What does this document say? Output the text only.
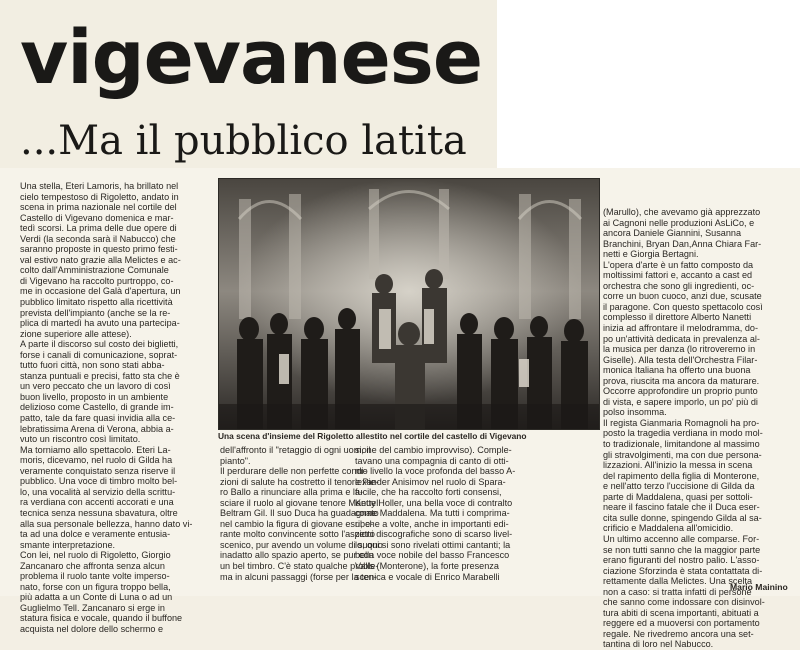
vigevanese
...Ma il pubblico latita
Una stella, Eteri Lamoris, ha brillato nel
cielo tempestoso di Rigoletto, andato in
scena in prima nazionale nel cortile del
Castello di Vigevano domenica e mar-
tedì scorsi. La prima delle due opere di
Verdi (la seconda sarà il Nabucco) che
saranno proposte in questo primo festi-
val estivo nato grazie alla Melictes e ac-
colto dall'Amministrazione Comunale
di Vigevano ha raccolto purtroppo, co-
me in occasione del Galà d'apertura, un
pubblico limitato rispetto alla ricettività
prevista dell'impianto (anche se la re-
plica di martedì ha avuto una partecipa-
zione superiore alle attese).
A parte il discorso sul costo dei biglietti,
forse i canali di comunicazione, soprat-
tutto fuori città, non sono stati abba-
stanza puntuali e precisi, fatto sta che è
un vero peccato che un lavoro di così
buon livello, proposto in un ambiente
delizioso come Castello, di grande im-
patto, tale da fare quasi invidia alla ce-
lebratissima Arena di Verona, abbia a-
vuto un riscontro così limitato.
Ma torniamo allo spettacolo. Eteri La-
moris, dicevamo, nel ruolo di Gilda ha
veramente conquistato senza riserve il
pubblico. Una voce di timbro molto bel-
lo, una vocalità al servizio della scrittu-
ra verdiana con accenti accorati e una
tecnica senza nessuna sbavatura, oltre
alla sua personale bellezza, hanno dato vi-
ta ad una dolce e veramente entusia-
smante interpretazione.
Con lei, nel ruolo di Rigoletto, Giorgio
Zancanaro che affronta senza alcun
problema il ruolo tante volte imperso-
nato, forse con un figura troppo bella,
più adatta a un Conte di Luna o ad un
Guglielmo Tell. Zancanaro si erge in
statura fisica e vocale, quando il buffone
acquista nel dolore dello schermo e
Una scena d'insieme del Rigoletto allestito nel cortile del castello di Vigevano
dell'affronto il "retaggio di ogni
pianto".
Il perdurare delle non perfette
zioni di salute ha costretto il
ro Ballo a rinunciare alla prima
sciare il ruolo al giovane tenore
Beltram Gil. Il suo Duca ha
nel cambio la figura di giovane
rante molto convincente sotto
scenico, pur avendo un volume
inadatto allo spazio aperto, se
un bel timbro. C'è stato qualche
ma in alcuni passaggi (forse
sione del cambio improvviso). Comple-
tavano una compagnia di canto di
mo livello la voce profonda del basso
lexander Anisimov nel ruolo di Spara-
fucile, che ha raccolto forti consensi,
Ketty Holler, una bella voce di contralto
come Maddalena. Ma tutti i comprima-
ri, che a volte, anche in importanti
zioni discografiche sono di scarso
lo, qui si sono rivelati ottimi cantanti;
bella voce nobile del basso Francesco
Valls (Monterone), la forte presenza
scenica e vocale di Enrico Marabelli
(Marullo), che avevamo già apprezzato
ai Cagnoni nelle produzioni AsLiCo, e
ancora Daniele Giannini, Susanna
Branchini, Bryan Dan,Anna Chiara Far-
netti e Giorgia Bertagni.
L'opera d'arte è un fatto composto da
moltissimi fattori e, accanto a cast ed
orchestra che sono gli ingredienti, oc-
corre un buon cuoco, anzi due, scusate
il paragone. Con questo spettacolo così
complesso il direttore Alberto Nanetti
inizia ad affrontare il melodramma, do-
po un'attività dedicata in prevalenza al-
la musica per danza (lo ritroveremo in
Giselle). Alla testa dell'Orchestra Filar-
monica Italiana ha offerto una buona
prova, riuscita ma ancora da maturare.
Occorre approfondire un proprio punto
di vista, e sapere imporlo, un po' più di
polso insomma.
Il regista Gianmaria Romagnoli ha pro-
posto la tragedia verdiana in modo mol-
to tradizionale, limitandone al massimo
gli stravolgimenti, ma con due persona-
lizzazioni. All'inizio la messa in scena
del rapimento della figlia di Monterone,
e nell'atto terzo l'uccisione di Gilda da
parte di Maddalena, quasi per sottoli-
neare il fascino fatale che il Duca eser-
cita sulle donne, spingendo Gilda al sa-
crificio e Maddalena all'omicidio.
Un ultimo accenno alle comparse. For-
se non tutti sanno che la maggior parte
erano figuranti del nostro palio. L'asso-
ciazione Sforzinda è stata contattata di-
rettamente dalla Melictes. Una scelta
non a caso: si tratta infatti di persone
che sanno come indossare con disinvol-
tura abiti di scena importanti, abituati a
reggere ed a muoversi con portamento
regale. Ne rivedremo ancora una set-
tantina di loro nel Nabucco.
Mario Mainino
